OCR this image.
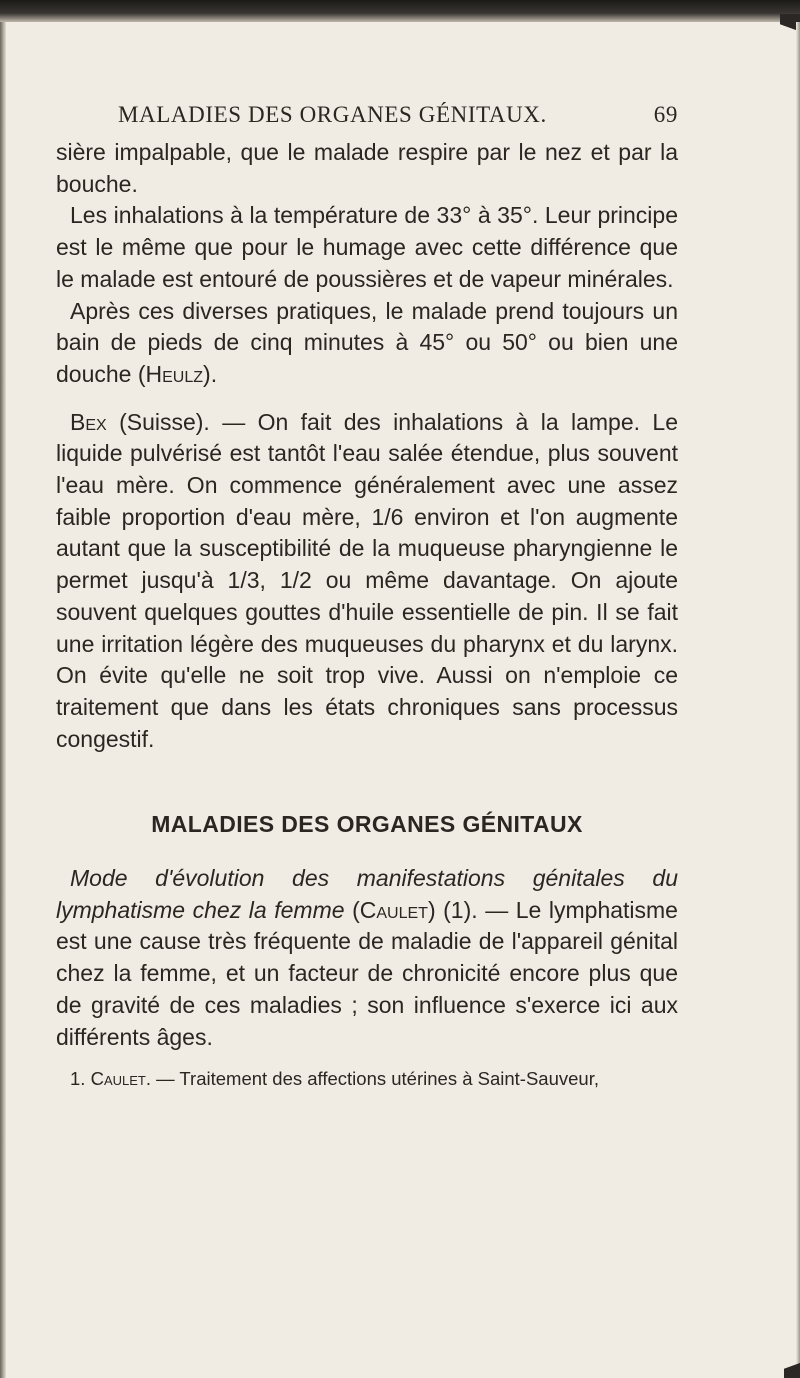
MALADIES DES ORGANES GÉNITAUX.	69

sière impalpable, que le malade respire par le nez et par la bouche.

Les inhalations à la température de 33° à 35°. Leur principe est le même que pour le humage avec cette différence que le malade est entouré de poussières et de vapeur minérales.

Après ces diverses pratiques, le malade prend toujours un bain de pieds de cinq minutes à 45° ou 50° ou bien une douche (Heulz).

Bex (Suisse). — On fait des inhalations à la lampe. Le liquide pulvérisé est tantôt l'eau salée étendue, plus souvent l'eau mère. On commence généralement avec une assez faible proportion d'eau mère, 1/6 environ et l'on augmente autant que la susceptibilité de la muqueuse pharyngienne le permet jusqu'à 1/3, 1/2 ou même davantage. On ajoute souvent quelques gouttes d'huile essentielle de pin. Il se fait une irritation légère des muqueuses du pharynx et du larynx. On évite qu'elle ne soit trop vive. Aussi on n'emploie ce traitement que dans les états chroniques sans processus congestif.

MALADIES DES ORGANES GÉNITAUX

Mode d'évolution des manifestations génitales du lymphatisme chez la femme (Caulet) (1). — Le lymphatisme est une cause très fréquente de maladie de l'appareil génital chez la femme, et un facteur de chronicité encore plus que de gravité de ces maladies ; son influence s'exerce ici aux différents âges.

1. Caulet. — Traitement des affections utérines à Saint-Sauveur,
